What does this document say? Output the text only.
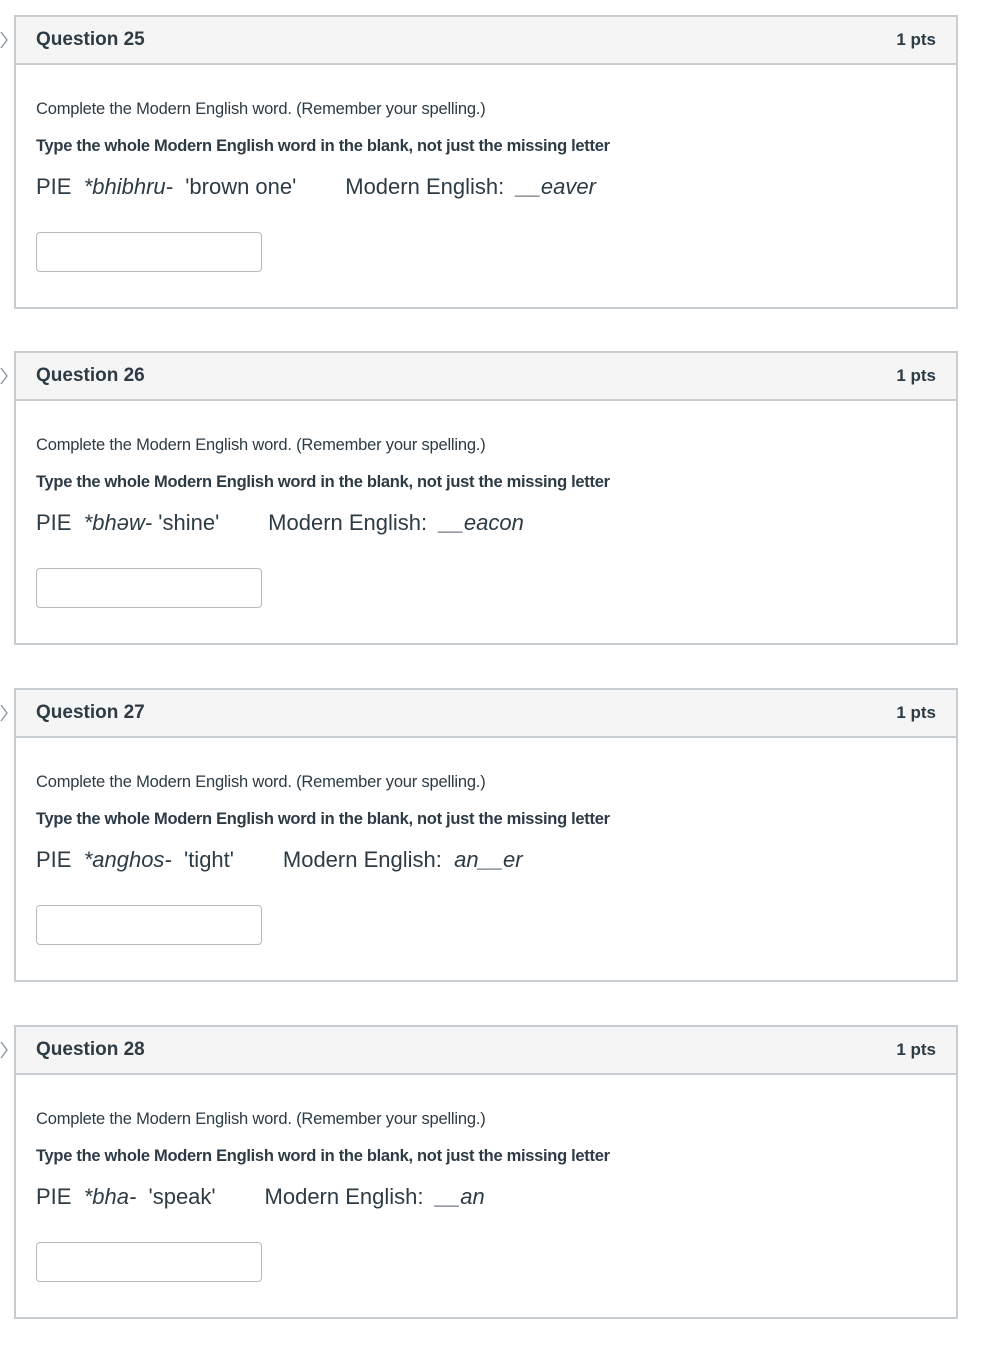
Question 25	1 pts

Complete the Modern English word. (Remember your spelling.)

Type the whole Modern English word in the blank, not just the missing letter

PIE  *bhibhru-  'brown one'        Modern English:  __eaver

Question 26	1 pts

Complete the Modern English word. (Remember your spelling.)

Type the whole Modern English word in the blank, not just the missing letter

PIE  *bhəw- 'shine'        Modern English:  __eacon

Question 27	1 pts

Complete the Modern English word. (Remember your spelling.)

Type the whole Modern English word in the blank, not just the missing letter

PIE  *anghos-  'tight'        Modern English:  an__er

Question 28	1 pts

Complete the Modern English word. (Remember your spelling.)

Type the whole Modern English word in the blank, not just the missing letter

PIE  *bha-  'speak'        Modern English:  __an
